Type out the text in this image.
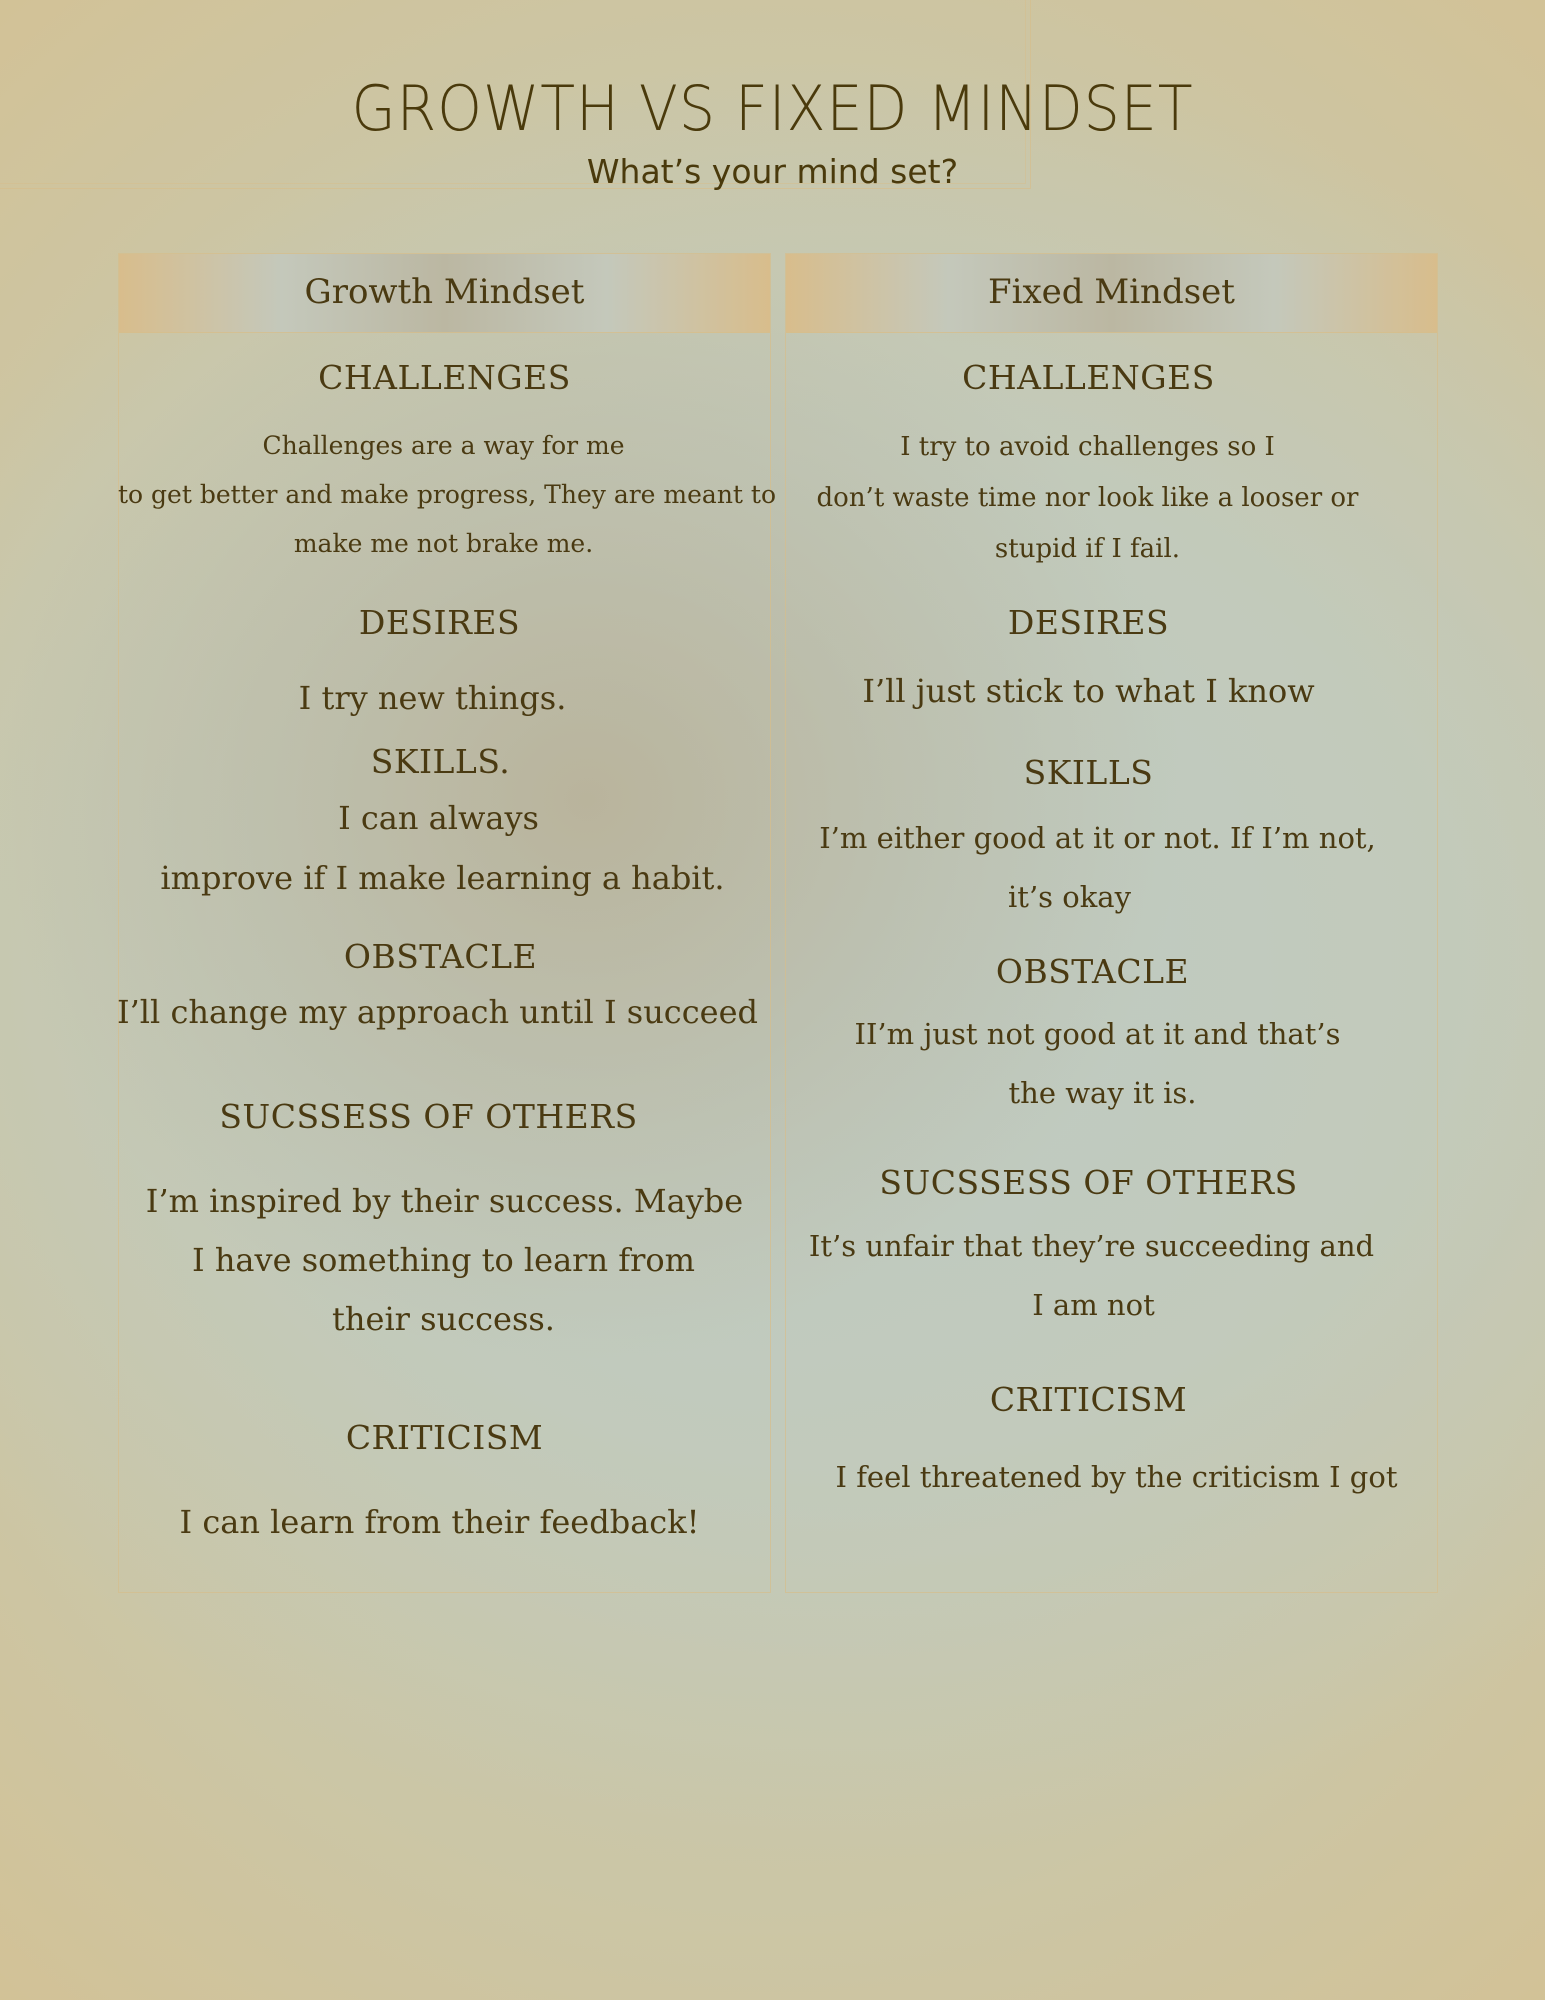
GROWTH VS FIXED MINDSET
What’s your mind set?
Growth Mindset
CHALLENGES
Challenges are a way for me
to get better and make progress, They are meant to
make me not brake me.
DESIRES
I try new things.
SKILLS.
I can always
improve if I make learning a habit.
OBSTACLE
I’ll change my approach until I succeed
SUCSSESS OF OTHERS
I’m inspired by their success. Maybe
I have something to learn from
their success.
CRITICISM
I can learn from their feedback!
Fixed Mindset
CHALLENGES
I try to avoid challenges so I
don’t waste time nor look like a looser or
stupid if I fail.
DESIRES
I’ll just stick to what I know
SKILLS
I’m either good at it or not. If I’m not,
it’s okay
OBSTACLE
II’m just not good at it and that’s
the way it is.
SUCSSESS OF OTHERS
It’s unfair that they’re succeeding and
I am not
CRITICISM
I feel threatened by the criticism I got
